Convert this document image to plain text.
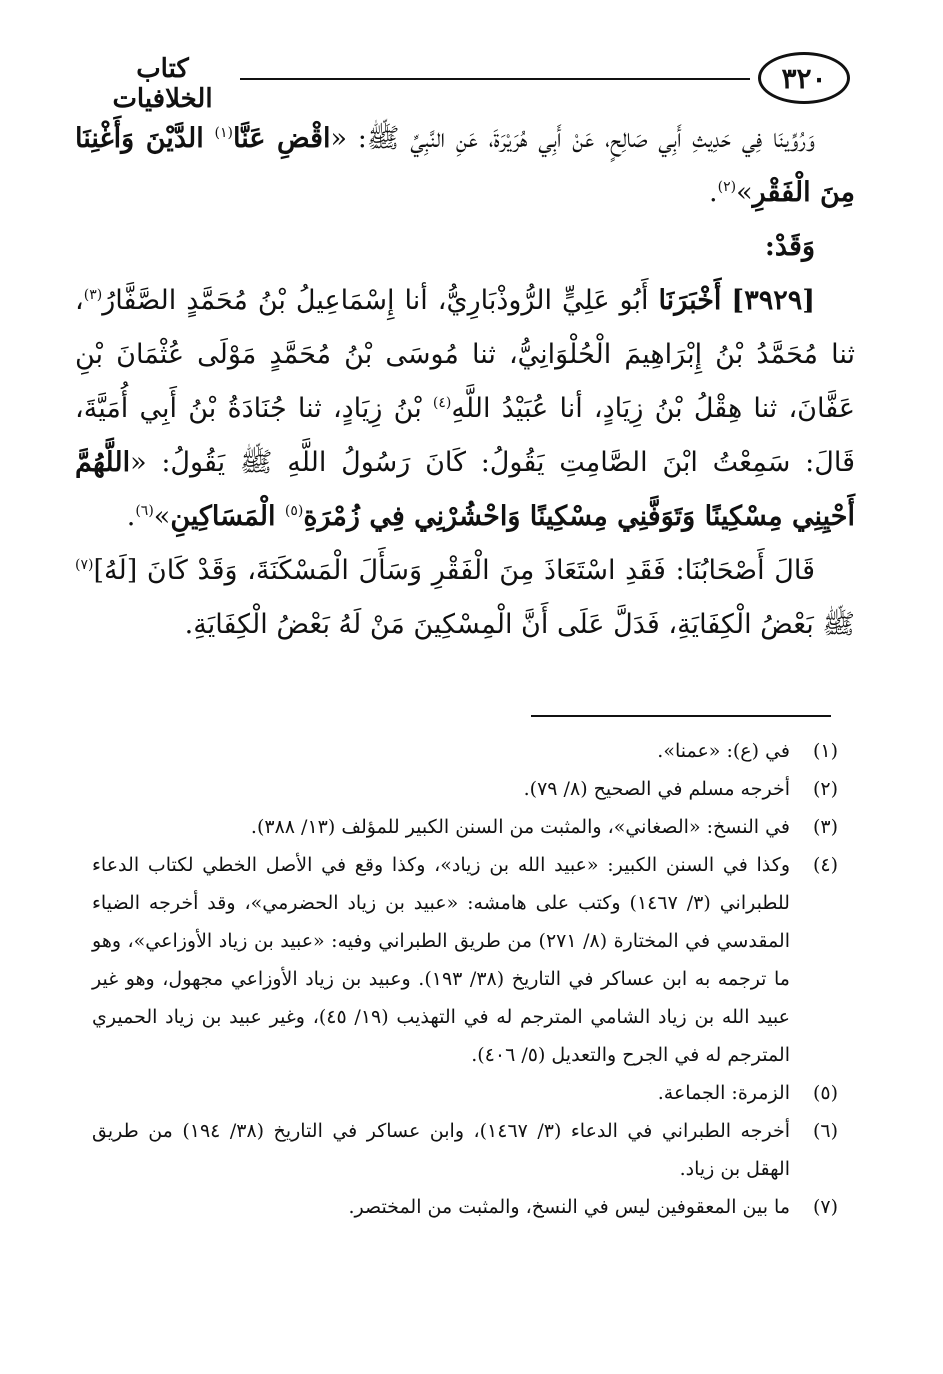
٣٢٠
كتاب الخلافيات

وَرُوِّينَا فِي حَدِيثِ أَبِي صَالِحٍ، عَنْ أَبِي هُرَيْرَةَ، عَنِ النَّبِيِّ ﷺ: «اقْضِ عَنَّا$^{(١)}$ الدَّيْنَ وَأَغْنِنَا مِنَ الْفَقْرِ»$^{(٢)}$.

وَقَدْ:

[٣٩٢٩] أَخْبَرَنَا أَبُو عَلِيٍّ الرُّوذْبَارِيُّ، أنا إِسْمَاعِيلُ بْنُ مُحَمَّدٍ الصَّفَّارُ$^{(٣)}$، ثنا مُحَمَّدُ بْنُ إِبْرَاهِيمَ الْحُلْوَانِيُّ، ثنا مُوسَى بْنُ مُحَمَّدٍ مَوْلَى عُثْمَانَ بْنِ عَفَّانَ، ثنا هِقْلُ بْنُ زِيَادٍ، أنا عُبَيْدُ اللَّهِ$^{(٤)}$ بْنُ زِيَادٍ، ثنا جُنَادَةُ بْنُ أَبِي أُمَيَّةَ، قَالَ: سَمِعْتُ ابْنَ الصَّامِتِ يَقُولُ: كَانَ رَسُولُ اللَّهِ ﷺ يَقُولُ: «اللَّهُمَّ أَحْيِنِي مِسْكِينًا وَتَوَفَّنِي مِسْكِينًا وَاحْشُرْنِي فِي زُمْرَةِ$^{(٥)}$ الْمَسَاكِينِ»$^{(٦)}$.

قَالَ أَصْحَابُنَا: فَقَدِ اسْتَعَاذَ مِنَ الْفَقْرِ وَسَأَلَ الْمَسْكَنَةَ، وَقَدْ كَانَ [لَهُ]$^{(٧)}$ ﷺ بَعْضُ الْكِفَايَةِ، فَدَلَّ عَلَى أَنَّ الْمِسْكِينَ مَنْ لَهُ بَعْضُ الْكِفَايَةِ.

(١)
في (ع): «عمنا».
(٢)
أخرجه مسلم في الصحيح (٨/ ٧٩).
(٣)
في النسخ: «الصغاني»، والمثبت من السنن الكبير للمؤلف (١٣/ ٣٨٨).
(٤)
وكذا في السنن الكبير: «عبيد الله بن زياد»، وكذا وقع في الأصل الخطي لكتاب الدعاء للطبراني (٣/ ١٤٦٧) وكتب على هامشه: «عبيد بن زياد الحضرمي»، وقد أخرجه الضياء المقدسي في المختارة (٨/ ٢٧١) من طريق الطبراني وفيه: «عبيد بن زياد الأوزاعي»، وهو ما ترجمه به ابن عساكر في التاريخ (٣٨/ ١٩٣). وعبيد بن زياد الأوزاعي مجهول، وهو غير عبيد الله بن زياد الشامي المترجم له في التهذيب (١٩/ ٤٥)، وغير عبيد بن زياد الحميري المترجم له في الجرح والتعديل (٥/ ٤٠٦).
(٥)
الزمرة: الجماعة.
(٦)
أخرجه الطبراني في الدعاء (٣/ ١٤٦٧)، وابن عساكر في التاريخ (٣٨/ ١٩٤) من طريق الهقل بن زياد.
(٧)
ما بين المعقوفين ليس في النسخ، والمثبت من المختصر.
